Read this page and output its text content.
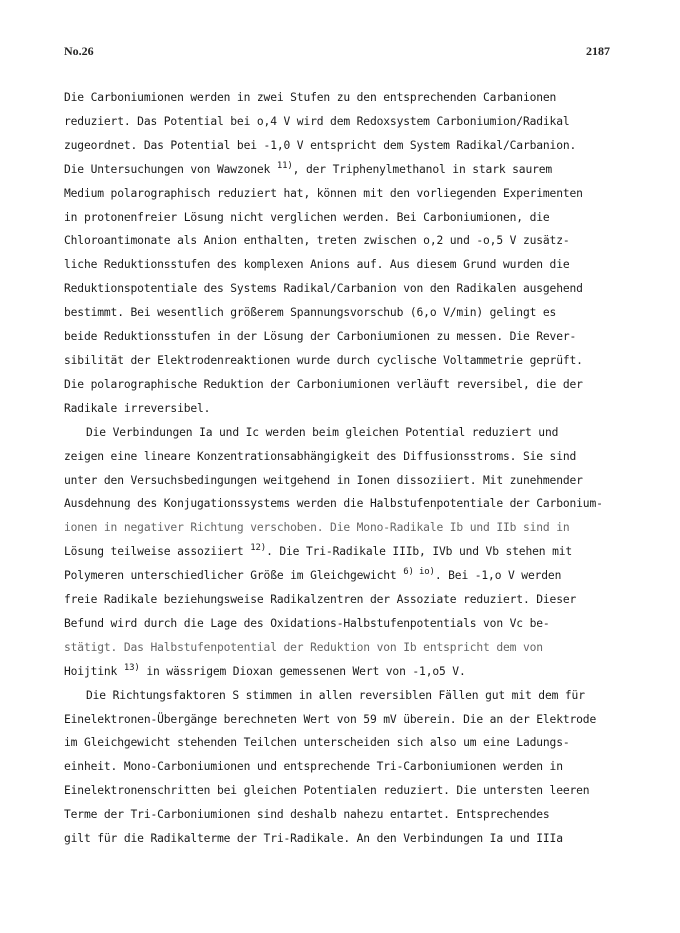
No.26	2187
Die Carboniumionen werden in zwei Stufen zu den entsprechenden Carbanionen
reduziert. Das Potential bei o,4 V wird dem Redoxsystem Carboniumion/Radikal
zugeordnet. Das Potential bei -1,0 V entspricht dem System Radikal/Carbanion.
Die Untersuchungen von Wawzonek $^{11)}$, der Triphenylmethanol in stark saurem
Medium polarographisch reduziert hat, können mit den vorliegenden Experimenten
in protonenfreier Lösung nicht verglichen werden. Bei Carboniumionen, die
Chloroantimonate als Anion enthalten, treten zwischen o,2 und -o,5 V zusätz-
liche Reduktionsstufen des komplexen Anions auf. Aus diesem Grund wurden die
Reduktionspotentiale des Systems Radikal/Carbanion von den Radikalen ausgehend
bestimmt. Bei wesentlich größerem Spannungsvorschub (6,o V/min) gelingt es
beide Reduktionsstufen in der Lösung der Carboniumionen zu messen. Die Rever-
sibilität der Elektrodenreaktionen wurde durch cyclische Voltammetrie geprüft.
Die polarographische Reduktion der Carboniumionen verläuft reversibel, die der
Radikale irreversibel.
Die Verbindungen Ia und Ic werden beim gleichen Potential reduziert und
zeigen eine lineare Konzentrationsabhängigkeit des Diffusionsstroms. Sie sind
unter den Versuchsbedingungen weitgehend in Ionen dissoziiert. Mit zunehmender
Ausdehnung des Konjugationssystems werden die Halbstufenpotentiale der Carbonium-
ionen in negativer Richtung verschoben. Die Mono-Radikale Ib und IIb sind in
Lösung teilweise assoziiert $^{12)}$. Die Tri-Radikale IIIb, IVb und Vb stehen mit
Polymeren unterschiedlicher Größe im Gleichgewicht $^{6) io)}$. Bei -1,o V werden
freie Radikale beziehungsweise Radikalzentren der Assoziate reduziert. Dieser
Befund wird durch die Lage des Oxidations-Halbstufenpotentials von Vc be-
stätigt. Das Halbstufenpotential der Reduktion von Ib entspricht dem von
Hoijtink $^{13)}$ in wässrigem Dioxan gemessenen Wert von -1,o5 V.
Die Richtungsfaktoren S stimmen in allen reversiblen Fällen gut mit dem für
Einelektronen-Übergänge berechneten Wert von 59 mV überein. Die an der Elektrode
im Gleichgewicht stehenden Teilchen unterscheiden sich also um eine Ladungs-
einheit. Mono-Carboniumionen und entsprechende Tri-Carboniumionen werden in
Einelektronenschritten bei gleichen Potentialen reduziert. Die untersten leeren
Terme der Tri-Carboniumionen sind deshalb nahezu entartet. Entsprechendes
gilt für die Radikalterme der Tri-Radikale. An den Verbindungen Ia und IIIa
